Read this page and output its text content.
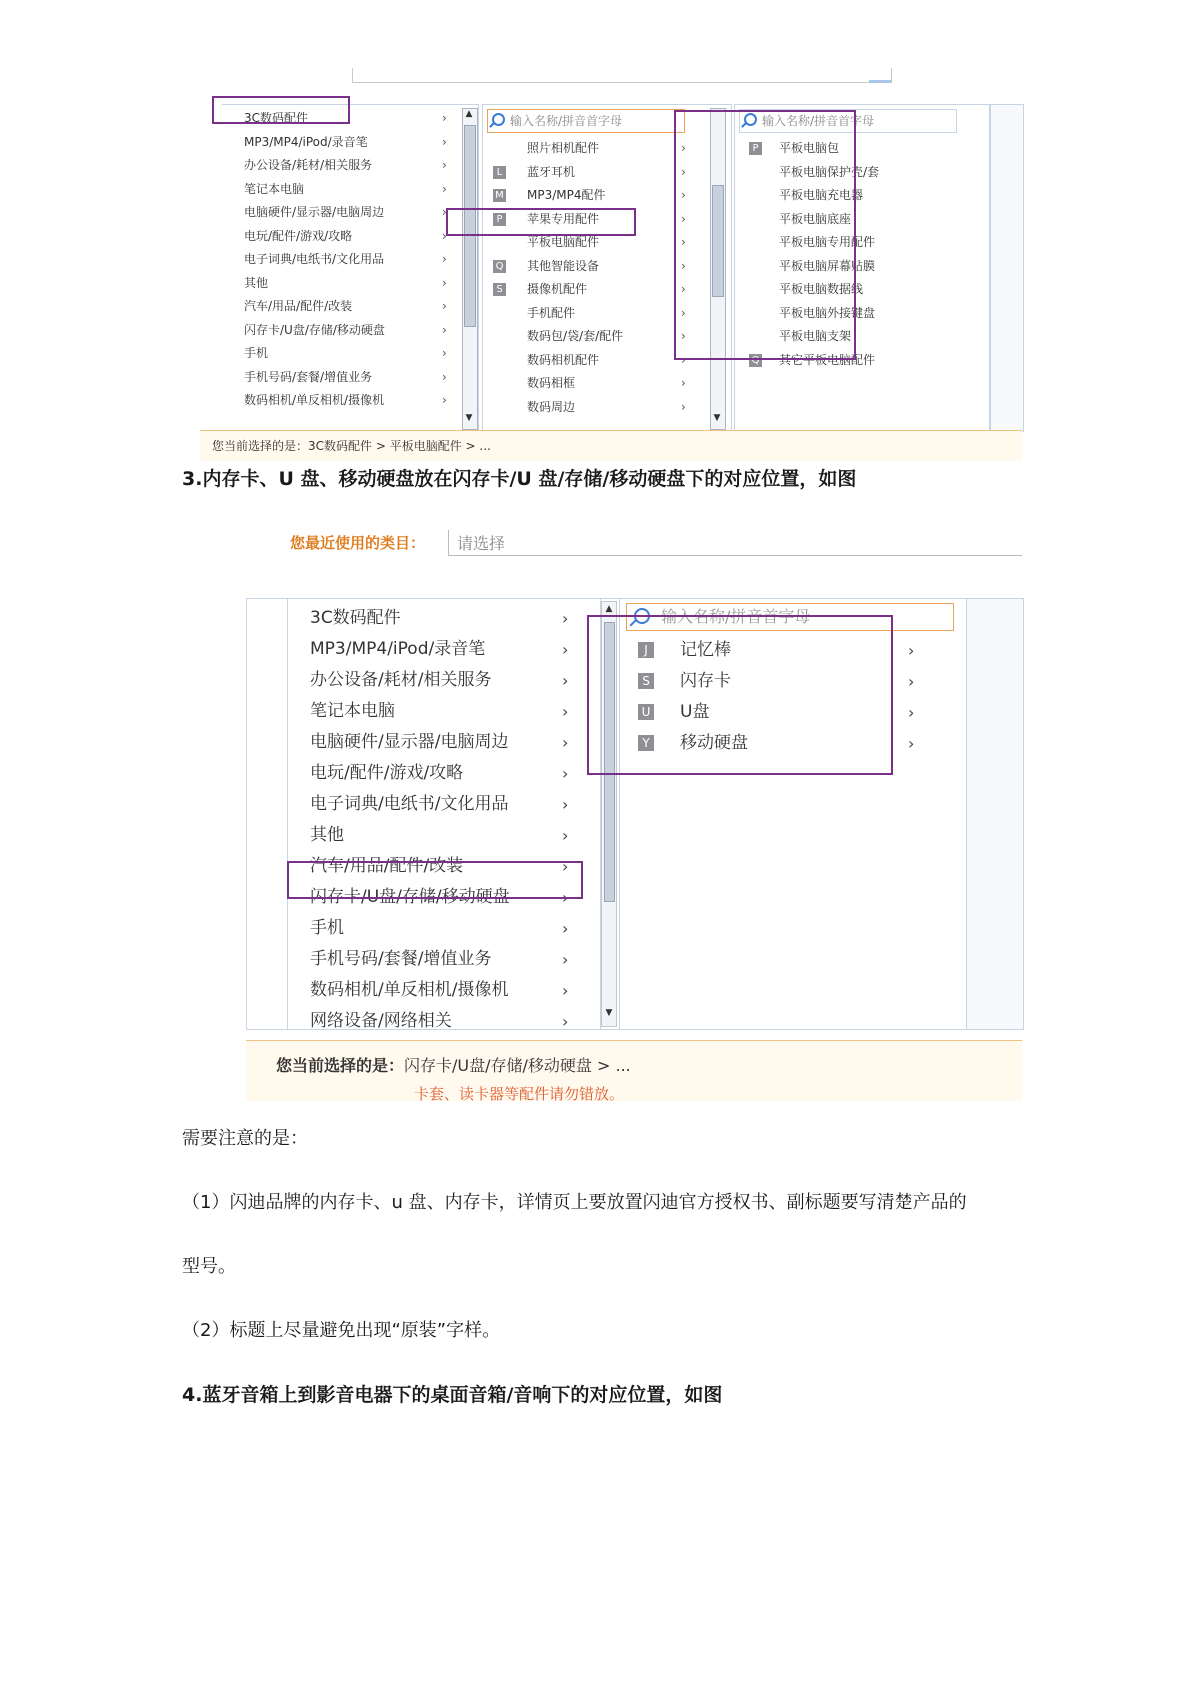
3C数码配件	›
MP3/MP4/iPod/录音笔	›
办公设备/耗材/相关服务	›
笔记本电脑	›
电脑硬件/显示器/电脑周边	›
电玩/配件/游戏/攻略	›
电子词典/电纸书/文化用品	›
其他	›
汽车/用品/配件/改装	›
闪存卡/U盘/存储/移动硬盘	›
手机	›
手机号码/套餐/增值业务	›
数码相机/单反相机/摄像机	›
▲
▼
输入名称/拼音首字母
照片相机配件	›
L	蓝牙耳机	›
M MP3/MP4配件	›
P 苹果专用配件	›
平板电脑配件	›
Q 其他智能设备	›
S 摄像机配件	›
手机配件	›
数码包/袋/套/配件	›
数码相机配件	›
数码相框	›
数码周边	›
▼
输入名称/拼音首字母
P 平板电脑包
平板电脑保护壳/套
平板电脑充电器
平板电脑底座
平板电脑专用配件
平板电脑屏幕贴膜
平板电脑数据线
平板电脑外接键盘
平板电脑支架
Q 其它平板电脑配件
您当前选择的是：3C数码配件 > 平板电脑配件 > ...
3.内存卡、U 盘、移动硬盘放在闪存卡/U 盘/存储/移动硬盘下的对应位置，如图
您最近使用的类目：	请选择
3C数码配件	›
MP3/MP4/iPod/录音笔	›
办公设备/耗材/相关服务	›
笔记本电脑	›
电脑硬件/显示器/电脑周边	›
电玩/配件/游戏/攻略	›
电子词典/电纸书/文化用品	›
其他	›
汽车/用品/配件/改装	›
闪存卡/U盘/存储/移动硬盘	›
手机	›
手机号码/套餐/增值业务	›
数码相机/单反相机/摄像机	›
网络设备/网络相关	›
▲
▼
输入名称/拼音首字母
J	记忆棒	›
S 闪存卡	›
U U盘	›
Y 移动硬盘	›
您当前选择的是：闪存卡/U盘/存储/移动硬盘 > ...
卡套、读卡器等配件请勿错放。
需要注意的是：
（1）闪迪品牌的内存卡、u 盘、内存卡，详情页上要放置闪迪官方授权书、副标题要写清楚产品的
型号。
（2）标题上尽量避免出现“原装”字样。
4.蓝牙音箱上到影音电器下的桌面音箱/音响下的对应位置，如图
